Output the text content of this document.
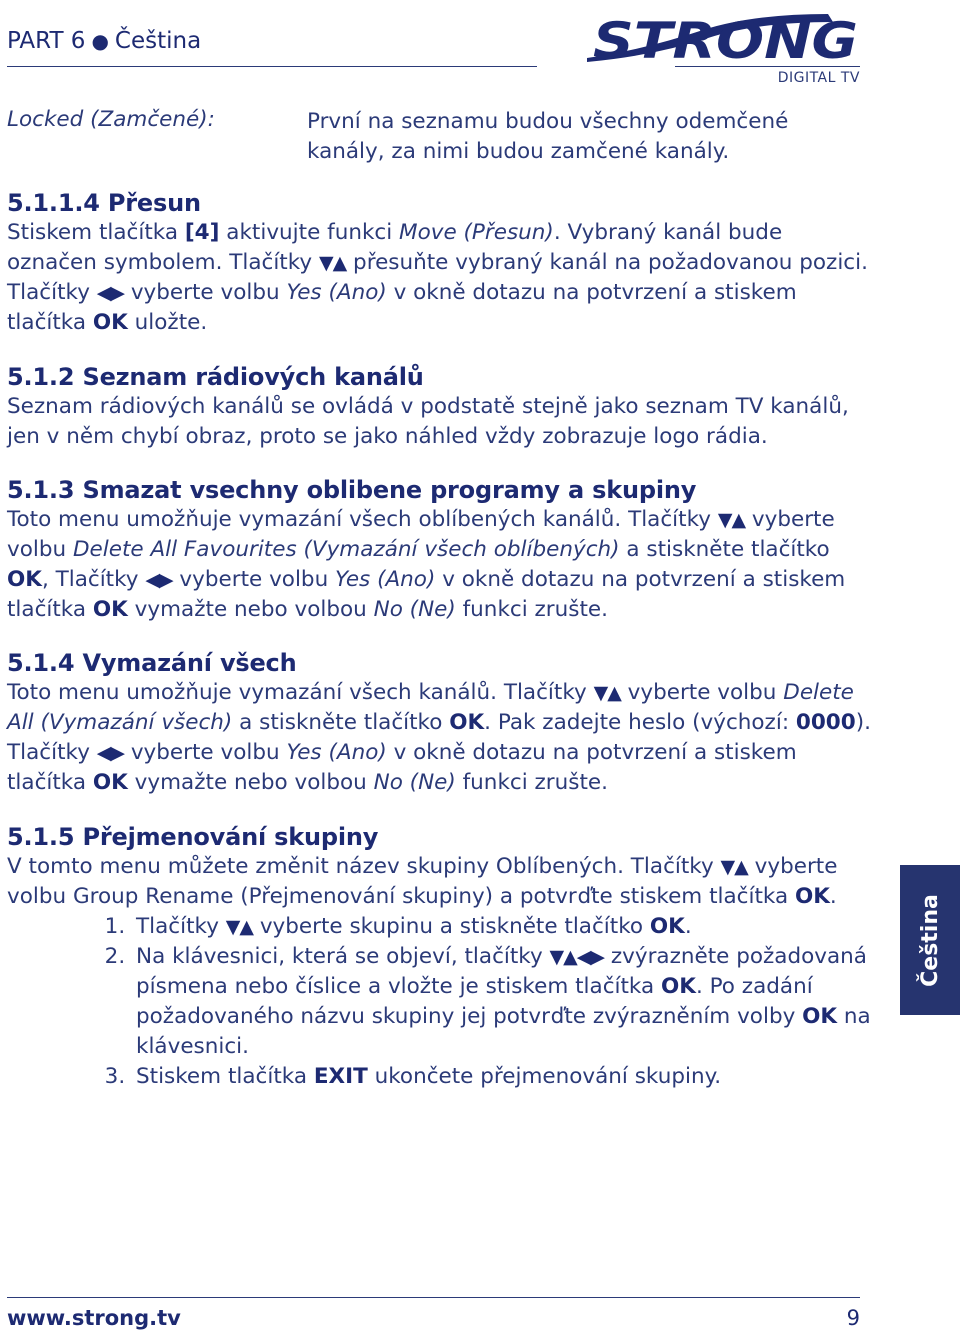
PART 6 ● Čeština	STRONG
DIGITAL TV
Locked (Zamčené):	První na seznamu budou všechny odemčené kanály, za nimi budou zamčené kanály.
5.1.1.4 Přesun

Stiskem tlačítka [4] aktivujte funkci Move (Přesun). Vybraný kanál bude označen symbolem. Tlačítky ▼▲ přesuňte vybraný kanál na požadovanou pozici. Tlačítky ◀▶ vyberte volbu Yes (Ano) v okně dotazu na potvrzení a stiskem tlačítka OK uložte.

5.1.2 Seznam rádiových kanálů

Seznam rádiových kanálů se ovládá v podstatě stejně jako seznam TV kanálů, jen v něm chybí obraz, proto se jako náhled vždy zobrazuje logo rádia.

5.1.3 Smazat vsechny oblibene programy a skupiny

Toto menu umožňuje vymazání všech oblíbených kanálů. Tlačítky ▼▲ vyberte volbu Delete All Favourites (Vymazání všech oblíbených) a stiskněte tlačítko OK, Tlačítky ◀▶ vyberte volbu Yes (Ano) v okně dotazu na potvrzení a stiskem tlačítka OK vymažte nebo volbou No (Ne) funkci zrušte.

5.1.4 Vymazání všech

Toto menu umožňuje vymazání všech kanálů. Tlačítky ▼▲ vyberte volbu Delete All (Vymazání všech) a stiskněte tlačítko OK. Pak zadejte heslo (výchozí: 0000). Tlačítky ◀▶ vyberte volbu Yes (Ano) v okně dotazu na potvrzení a stiskem tlačítka OK vymažte nebo volbou No (Ne) funkci zrušte.

5.1.5 Přejmenování skupiny

V tomto menu můžete změnit název skupiny Oblíbených. Tlačítky ▼▲ vyberte volbu Group Rename (Přejmenování skupiny) a potvrďte stiskem tlačítka OK.

1. Tlačítky ▼▲ vyberte skupinu a stiskněte tlačítko OK.
2. Na klávesnici, která se objeví, tlačítky ▼▲◀▶ zvýrazněte požadovaná písmena nebo číslice a vložte je stiskem tlačítka OK. Po zadání požadovaného názvu skupiny jej potvrďte zvýrazněním volby OK na klávesnici.
3. Stiskem tlačítka EXIT ukončete přejmenování skupiny.
Čeština
www.strong.tv	9
